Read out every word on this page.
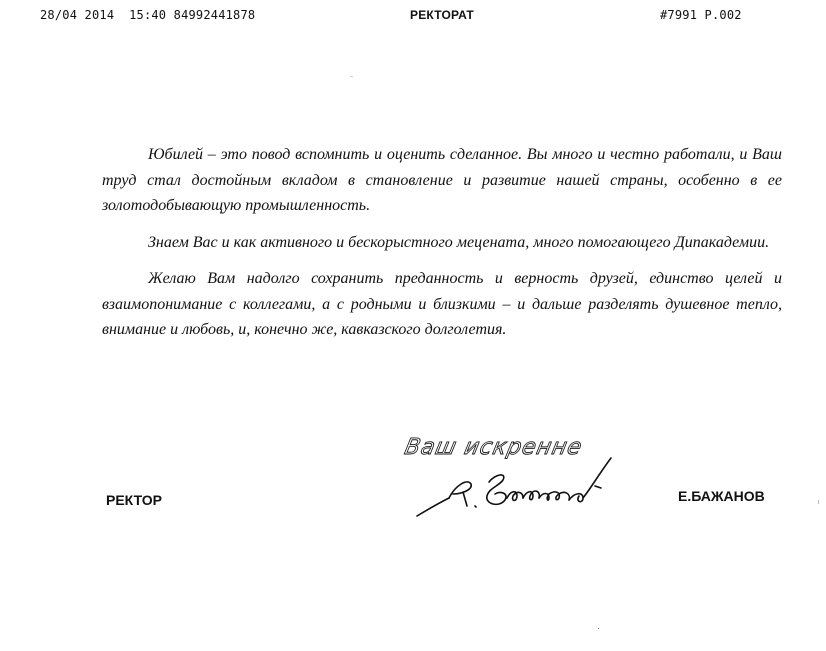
28/04 2014  15:40 84992441878	РЕКТОРАТ	#7991 P.002

Юбилей – это повод вспомнить и оценить сделанное. Вы много и честно работали, и Ваш труд стал достойным вкладом в становление и развитие нашей страны, особенно в ее золотодобывающую промышленность.

Знаем Вас и как активного и бескорыстного мецената, много помогающего Дипакадемии.

Желаю Вам надолго сохранить преданность и верность друзей, единство целей и взаимопонимание с коллегами, а с родными и близкими – и дальше разделять душевное тепло, внимание и любовь, и, конечно же, кавказского долголетия.

Ваш искренне
РЕКТОР	Е.БАЖАНОВ
